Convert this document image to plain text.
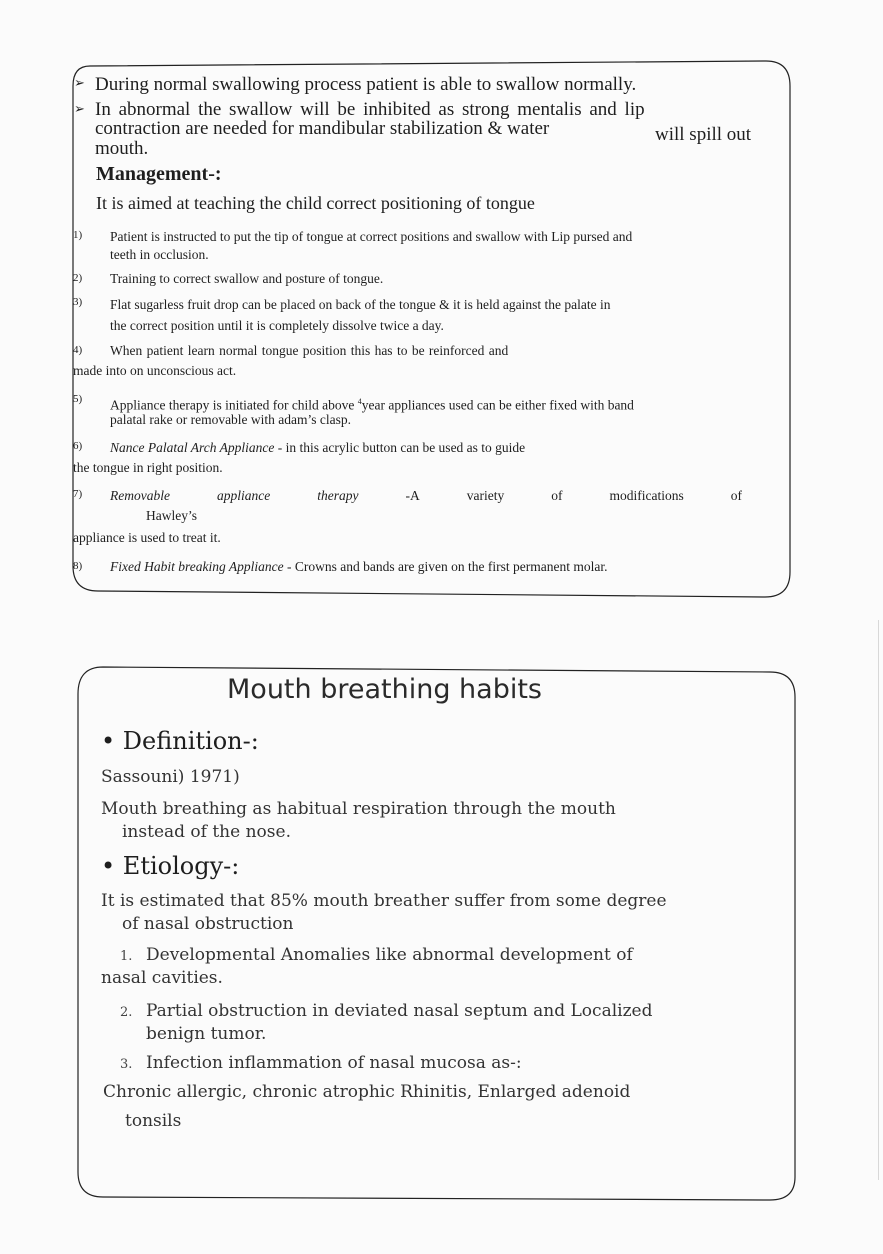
➢ During normal swallowing process patient is able to swallow normally.
➢ In abnormal the swallow will be inhibited as strong mentalis and lip
contraction are needed for mandibular stabilization & water	will spill out
mouth.
Management-:
It is aimed at teaching the child correct positioning of tongue
1) Patient is instructed to put the tip of tongue at correct positions and swallow with Lip pursed and
teeth in occlusion.
2) Training to correct swallow and posture of tongue.
3) Flat sugarless fruit drop can be placed on back of the tongue & it is held against the palate in
the correct position until it is completely dissolve twice a day.
4) When patient learn normal tongue position this has to be reinforced and
made into on unconscious act.
5) Appliance therapy is initiated for child above $^4$year appliances used can be either fixed with band
palatal rake or removable with adam’s clasp.
6) Nance Palatal Arch Appliance - in this acrylic button can be used as to guide
the tongue in right position.
7) Removable	appliance	therapy	-A	variety	of	modifications	of
Hawley’s
appliance is used to treat it.
8) Fixed Habit breaking Appliance - Crowns and bands are given on the first permanent molar.
Mouth breathing habits
• Definition-:
Sassouni) 1971)
Mouth breathing as habitual respiration through the mouth
instead of the nose.
• Etiology-:
It is estimated that 85% mouth breather suffer from some degree
of nasal obstruction
1. Developmental Anomalies like abnormal development of
nasal cavities.
2. Partial obstruction in deviated nasal septum and Localized
benign tumor.
3. Infection inflammation of nasal mucosa as-:
Chronic allergic, chronic atrophic Rhinitis, Enlarged adenoid
tonsils
